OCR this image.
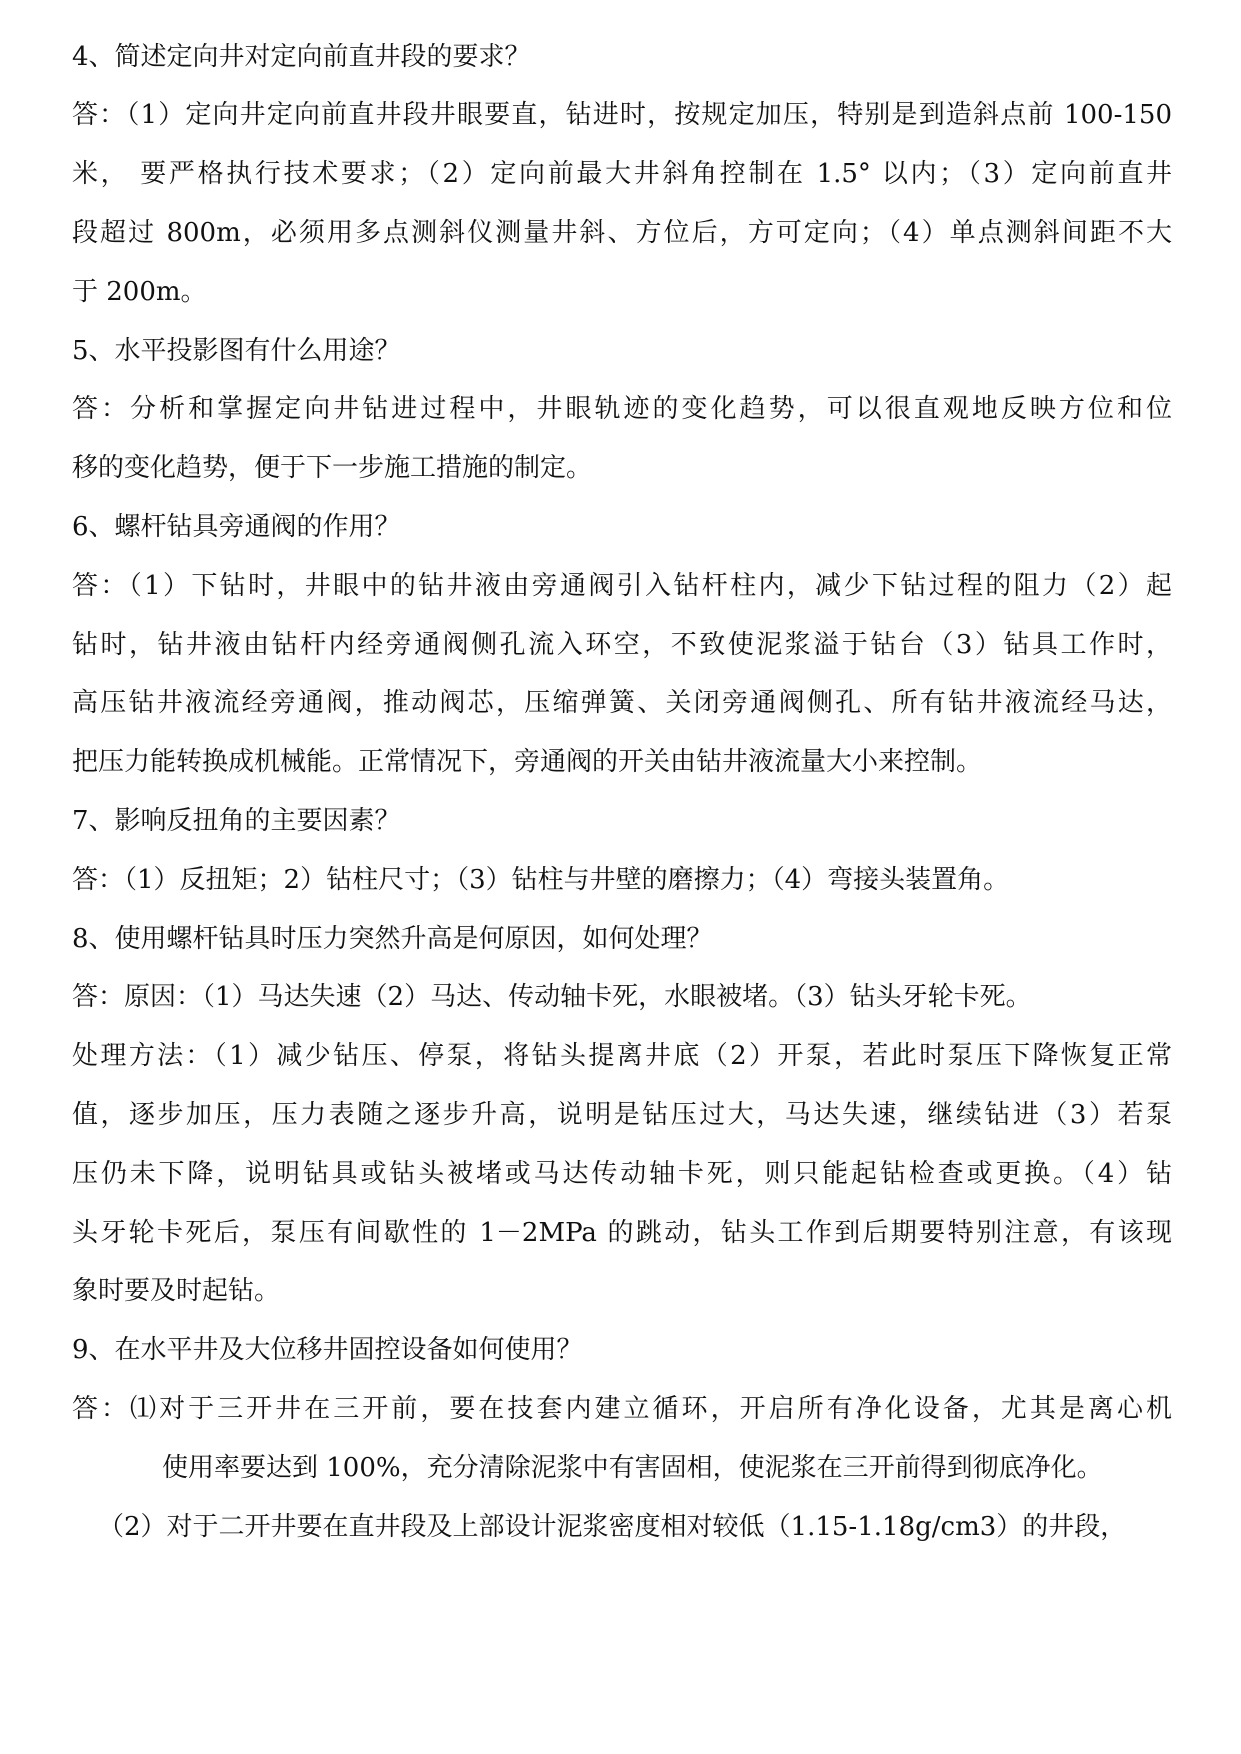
4、简述定向井对定向前直井段的要求？
答：（1）定向井定向前直井段井眼要直，钻进时，按规定加压，特别是到造斜点前 100-150
米， 要严格执行技术要求；（2）定向前最大井斜角控制在 1.5° 以内；（3）定向前直井
段超过 800m，必须用多点测斜仪测量井斜、方位后，方可定向；（4）单点测斜间距不大
于 200m。
5、水平投影图有什么用途？
答：分析和掌握定向井钻进过程中，井眼轨迹的变化趋势，可以很直观地反映方位和位
移的变化趋势，便于下一步施工措施的制定。
6、螺杆钻具旁通阀的作用？
答：（1）下钻时，井眼中的钻井液由旁通阀引入钻杆柱内，减少下钻过程的阻力（2）起
钻时，钻井液由钻杆内经旁通阀侧孔流入环空，不致使泥浆溢于钻台（3）钻具工作时，
高压钻井液流经旁通阀，推动阀芯，压缩弹簧、关闭旁通阀侧孔、所有钻井液流经马达，
把压力能转换成机械能。正常情况下，旁通阀的开关由钻井液流量大小来控制。
7、影响反扭角的主要因素？
答：（1）反扭矩；2）钻柱尺寸；（3）钻柱与井壁的磨擦力；（4）弯接头装置角。
8、使用螺杆钻具时压力突然升高是何原因，如何处理？
答：原因：（1）马达失速（2）马达、传动轴卡死，水眼被堵。（3）钻头牙轮卡死。
处理方法：（1）减少钻压、停泵，将钻头提离井底（2）开泵，若此时泵压下降恢复正常
值，逐步加压，压力表随之逐步升高，说明是钻压过大，马达失速，继续钻进（3）若泵
压仍未下降，说明钻具或钻头被堵或马达传动轴卡死，则只能起钻检查或更换。（4）钻
头牙轮卡死后，泵压有间歇性的 1－2MPa 的跳动，钻头工作到后期要特别注意，有该现
象时要及时起钻。
9、在水平井及大位移井固控设备如何使用？
答：⑴对于三开井在三开前，要在技套内建立循环，开启所有净化设备，尤其是离心机
使用率要达到 100%，充分清除泥浆中有害固相，使泥浆在三开前得到彻底净化。
（2）对于二开井要在直井段及上部设计泥浆密度相对较低（1.15-1.18g/cm3）的井段，
